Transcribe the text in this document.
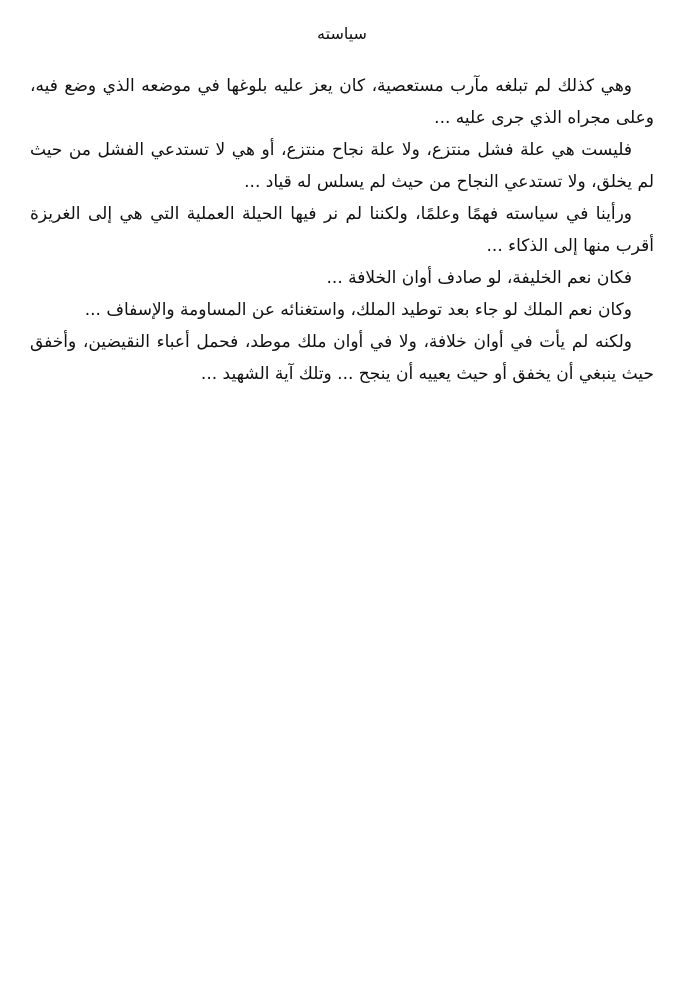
سياسته

وهي كذلك لم تبلغه مآرب مستعصية، كان يعز عليه بلوغها في موضعه الذي وضع فيه، وعلى مجراه الذي جرى عليه ...

فليست هي علة فشل منتزع، ولا علة نجاح منتزع، أو هي لا تستدعي الفشل من حيث لم يخلق، ولا تستدعي النجاح من حيث لم يسلس له قياد ...

ورأينا في سياسته فهمًا وعلمًا، ولكننا لم نر فيها الحيلة العملية التي هي إلى الغريزة أقرب منها إلى الذكاء ...

فكان نعم الخليفة، لو صادف أوان الخلافة ...

وكان نعم الملك لو جاء بعد توطيد الملك، واستغنائه عن المساومة والإسفاف ...

ولكنه لم يأت في أوان خلافة، ولا في أوان ملك موطد، فحمل أعباء النقيضين، وأخفق حيث ينبغي أن يخفق أو حيث يعييه أن ينجح ... وتلك آية الشهيد ...
